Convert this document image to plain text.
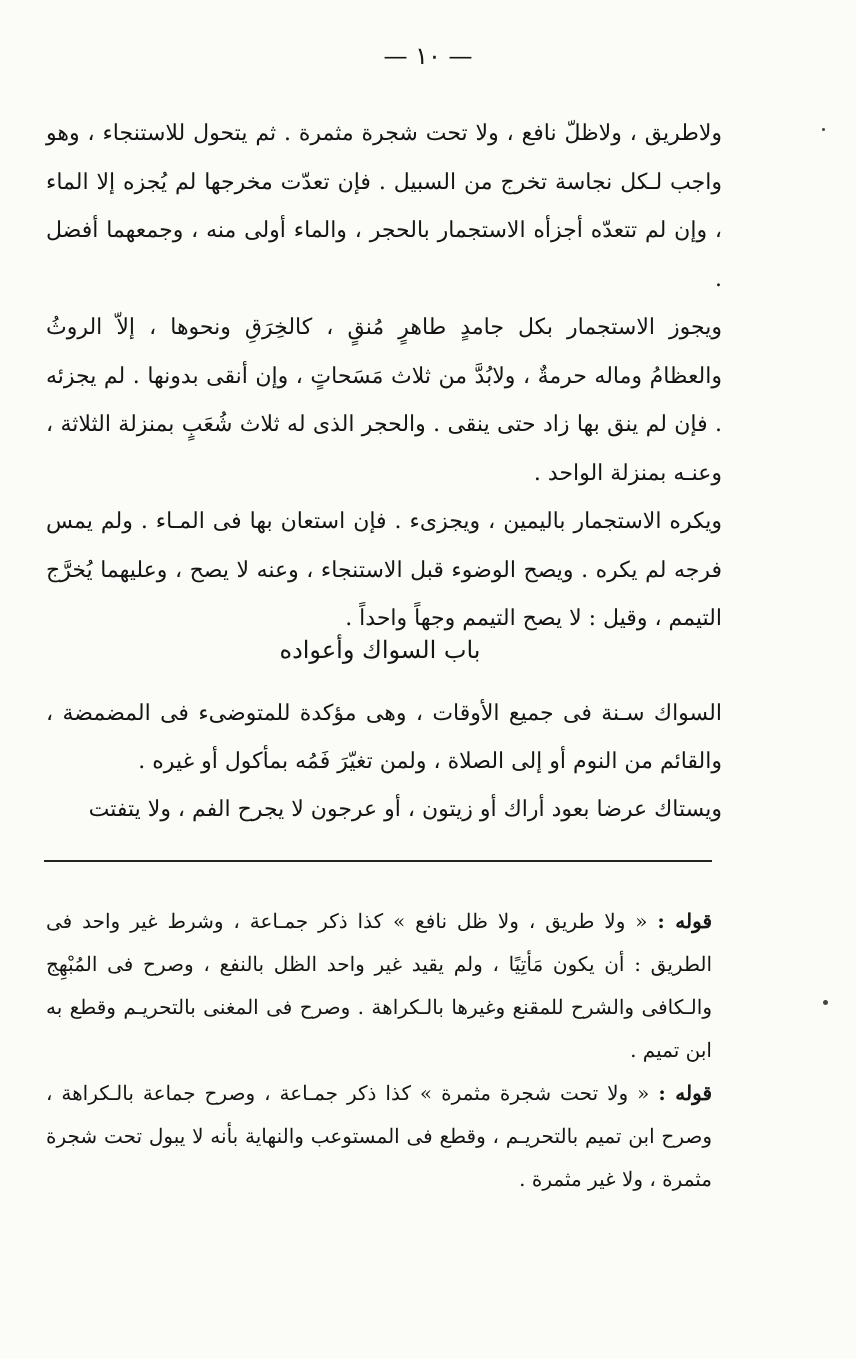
— ١٠ —

ولاطريق ، ولاظلّ نافع ، ولا تحت شجرة مثمرة . ثم يتحول للاستنجاء ، وهو واجب لـكل نجاسة تخرج من السبيل . فإن تعدّت مخرجها لم يُجزه إلا الماء ، وإن لم تتعدّه أجزأه الاستجمار بالحجر ، والماء أولى منه ، وجمعهما أفضل .

ويجوز الاستجمار بكل جامدٍ طاهرٍ مُنقٍ ، كالخِرَقِ ونحوها ، إلاّ الروثُ والعظامُ وماله حرمةٌ ، ولابُدَّ من ثلاث مَسَحاتٍ ، وإن أنقى بدونها . لم يجزئه . فإن لم ينق بها زاد حتى ينقى . والحجر الذى له ثلاث شُعَبٍ بمنزلة الثلاثة ، وعنـه بمنزلة الواحد .

ويكره الاستجمار باليمين ، ويجزىء . فإن استعان بها فى المـاء . ولم يمس فرجه لم يكره . ويصح الوضوء قبل الاستنجاء ، وعنه لا يصح ، وعليهما يُخرَّج التيمم ، وقيل : لا يصح التيمم وجهاً واحداً .

باب السواك وأعواده

السواك سـنة فى جميع الأوقات ، وهى مؤكدة للمتوضىء فى المضمضة ، والقائم من النوم أو إلى الصلاة ، ولمن تغيّرَ فَمُه بمأكول أو غيره .

ويستاك عرضا بعود أراك أو زيتون ، أو عرجون لا يجرح الفم ، ولا يتفتت

قوله : « ولا طريق ، ولا ظل نافع » كذا ذكر جمـاعة ، وشرط غير واحد فى الطريق : أن يكون مَأتِيًا ، ولم يقيد غير واحد الظل بالنفع ، وصرح فى المُبْهِج والـكافى والشرح للمقنع وغيرها بالـكراهة . وصرح فى المغنى بالتحريـم وقطع به ابن تميم .

قوله : « ولا تحت شجرة مثمرة » كذا ذكر جمـاعة ، وصرح جماعة بالـكراهة ، وصرح ابن تميم بالتحريـم ، وقطع فى المستوعب والنهاية بأنه لا يبول تحت شجرة مثمرة ، ولا غير مثمرة .
